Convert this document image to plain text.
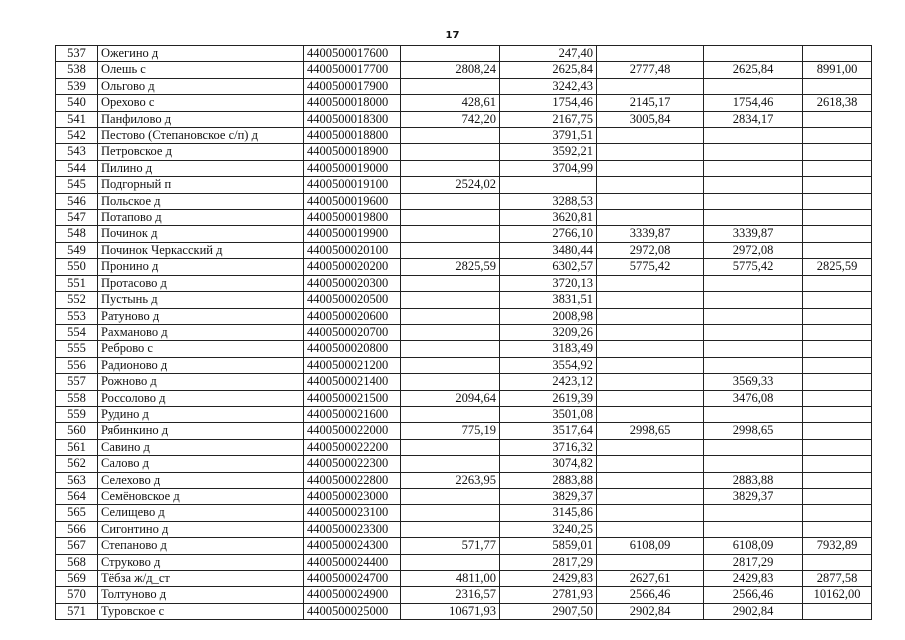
17
537	Ожегино д	4400500017600		247,40			
538	Олешь с	4400500017700	2808,24	2625,84	2777,48	2625,84	8991,00
539	Ольгово д	4400500017900		3242,43			
540	Орехово с	4400500018000	428,61	1754,46	2145,17	1754,46	2618,38
541	Панфилово д	4400500018300	742,20	2167,75	3005,84	2834,17	
542	Пестово (Степановское с/п) д	4400500018800		3791,51			
543	Петровское д	4400500018900		3592,21			
544	Пилино д	4400500019000		3704,99			
545	Подгорный п	4400500019100	2524,02				
546	Польское д	4400500019600		3288,53			
547	Потапово д	4400500019800		3620,81			
548	Починок д	4400500019900		2766,10	3339,87	3339,87	
549	Починок Черкасский д	4400500020100		3480,44	2972,08	2972,08	
550	Пронино д	4400500020200	2825,59	6302,57	5775,42	5775,42	2825,59
551	Протасово д	4400500020300		3720,13			
552	Пустынь д	4400500020500		3831,51			
553	Ратуново д	4400500020600		2008,98			
554	Рахманово д	4400500020700		3209,26			
555	Реброво с	4400500020800		3183,49			
556	Радионово д	4400500021200		3554,92			
557	Рожново д	4400500021400		2423,12		3569,33	
558	Россолово д	4400500021500	2094,64	2619,39		3476,08	
559	Рудино д	4400500021600		3501,08			
560	Рябинкино д	4400500022000	775,19	3517,64	2998,65	2998,65	
561	Савино д	4400500022200		3716,32			
562	Салово д	4400500022300		3074,82			
563	Селехово д	4400500022800	2263,95	2883,88		2883,88	
564	Семёновское д	4400500023000		3829,37		3829,37	
565	Селищево д	4400500023100		3145,86			
566	Сигонтино д	4400500023300		3240,25			
567	Степаново д	4400500024300	571,77	5859,01	6108,09	6108,09	7932,89
568	Струково д	4400500024400		2817,29		2817,29	
569	Тёбза ж/д_ст	4400500024700	4811,00	2429,83	2627,61	2429,83	2877,58
570	Толтуново д	4400500024900	2316,57	2781,93	2566,46	2566,46	10162,00
571	Туровское с	4400500025000	10671,93	2907,50	2902,84	2902,84	
